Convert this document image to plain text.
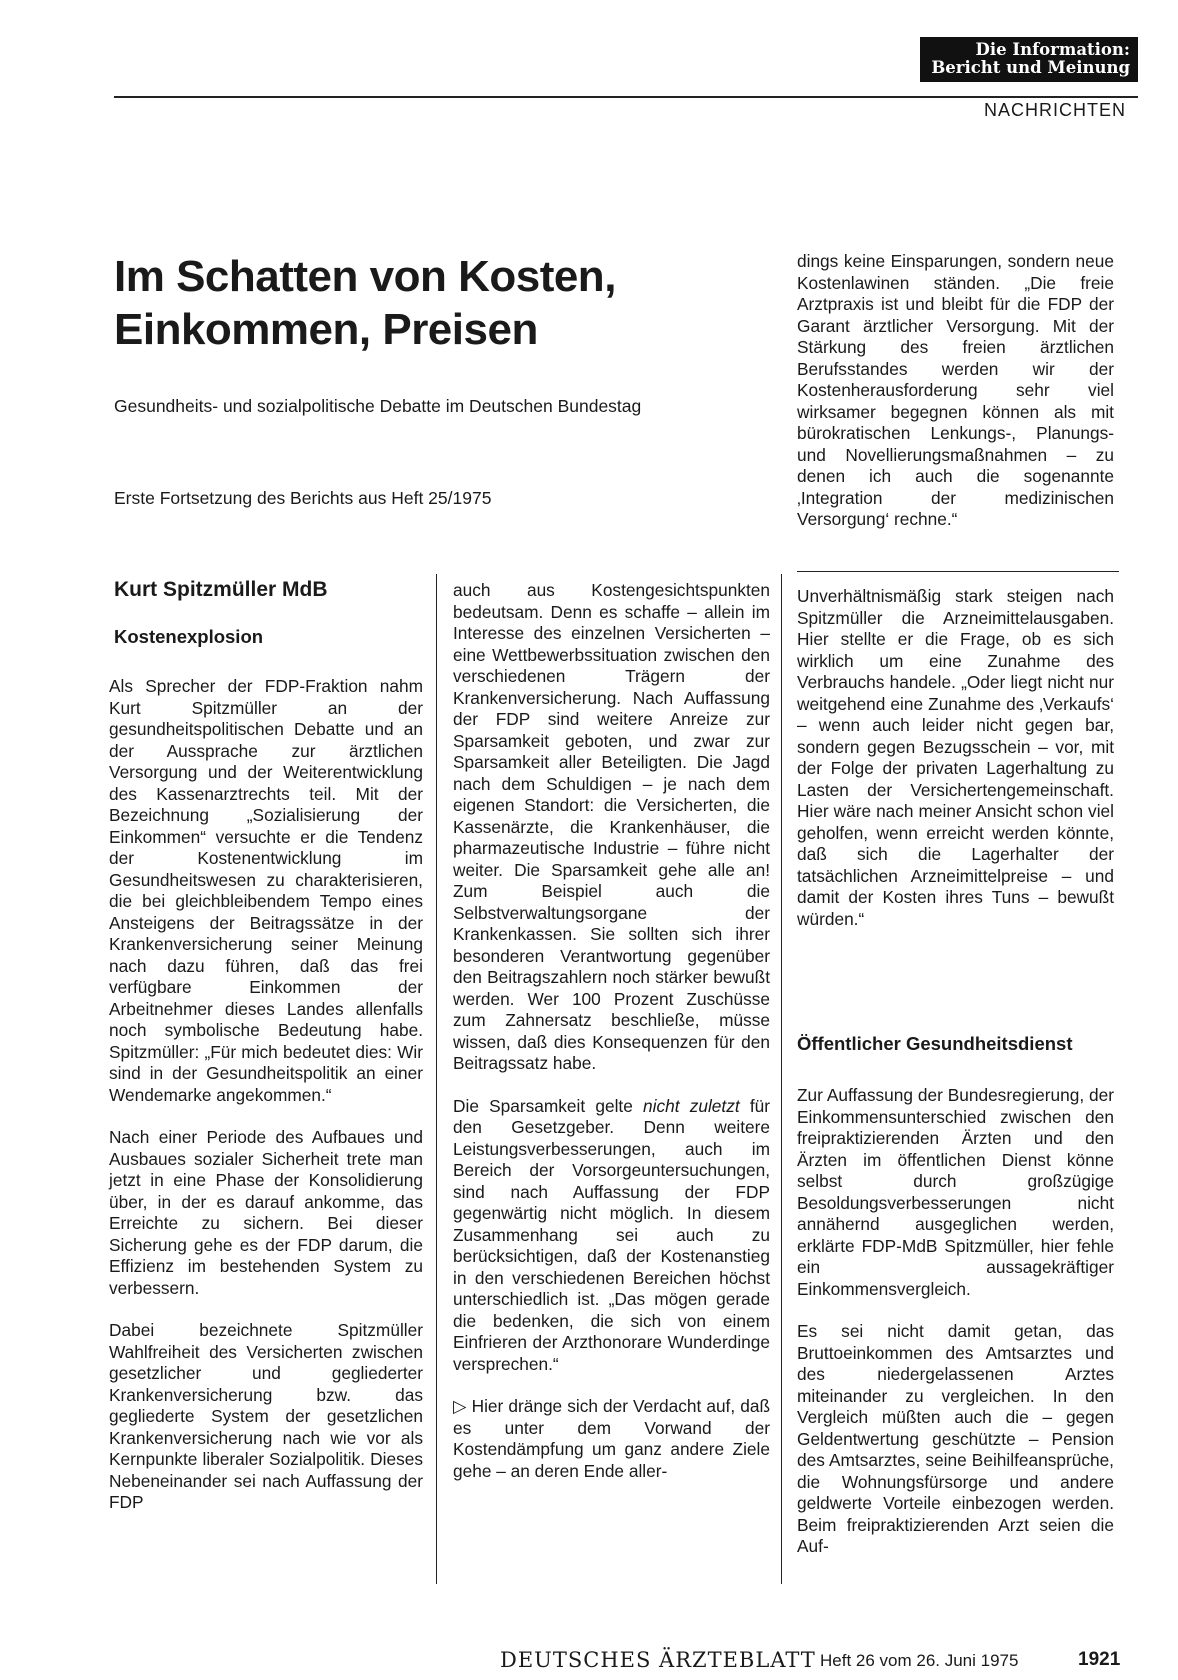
Die Information:
Bericht und Meinung
NACHRICHTEN
Im Schatten von Kosten,
Einkommen, Preisen
Gesundheits- und sozialpolitische Debatte im Deutschen Bundestag
Erste Fortsetzung des Berichts aus Heft 25/1975
Kurt Spitzmüller MdB
Kostenexplosion

Als Sprecher der FDP-Fraktion nahm Kurt Spitzmüller an der gesundheitspolitischen Debatte und an der Aussprache zur ärztlichen Versorgung und der Weiterentwicklung des Kassenarztrechts teil. Mit der Bezeichnung „Sozialisierung der Einkommen“ versuchte er die Tendenz der Kostenentwicklung im Gesundheitswesen zu charakterisieren, die bei gleichbleibendem Tempo eines Ansteigens der Beitragssätze in der Krankenversicherung seiner Meinung nach dazu führen, daß das frei verfügbare Einkommen der Arbeitnehmer dieses Landes allenfalls noch symbolische Bedeutung habe. Spitzmüller: „Für mich bedeutet dies: Wir sind in der Gesundheitspolitik an einer Wendemarke angekommen.“

Nach einer Periode des Aufbaues und Ausbaues sozialer Sicherheit trete man jetzt in eine Phase der Konsolidierung über, in der es darauf ankomme, das Erreichte zu sichern. Bei dieser Sicherung gehe es der FDP darum, die Effizienz im bestehenden System zu verbessern.

Dabei bezeichnete Spitzmüller Wahlfreiheit des Versicherten zwischen gesetzlicher und gegliederter Krankenversicherung bzw. das gegliederte System der gesetzlichen Krankenversicherung nach wie vor als Kernpunkte liberaler Sozialpolitik. Dieses Nebeneinander sei nach Auffassung der FDP

auch aus Kostengesichtspunkten bedeutsam. Denn es schaffe – allein im Interesse des einzelnen Versicherten – eine Wettbewerbssituation zwischen den verschiedenen Trägern der Krankenversicherung. Nach Auffassung der FDP sind weitere Anreize zur Sparsamkeit geboten, und zwar zur Sparsamkeit aller Beteiligten. Die Jagd nach dem Schuldigen – je nach dem eigenen Standort: die Versicherten, die Kassenärzte, die Krankenhäuser, die pharmazeutische Industrie – führe nicht weiter. Die Sparsamkeit gehe alle an! Zum Beispiel auch die Selbstverwaltungsorgane der Krankenkassen. Sie sollten sich ihrer besonderen Verantwortung gegenüber den Beitragszahlern noch stärker bewußt werden. Wer 100 Prozent Zuschüsse zum Zahnersatz beschließe, müsse wissen, daß dies Konsequenzen für den Beitragssatz habe.

Die Sparsamkeit gelte nicht zuletzt für den Gesetzgeber. Denn weitere Leistungsverbesserungen, auch im Bereich der Vorsorgeuntersuchungen, sind nach Auffassung der FDP gegenwärtig nicht möglich. In diesem Zusammenhang sei auch zu berücksichtigen, daß der Kostenanstieg in den verschiedenen Bereichen höchst unterschiedlich ist. „Das mögen gerade die bedenken, die sich von einem Einfrieren der Arzthonorare Wunderdinge versprechen.“

▷ Hier dränge sich der Verdacht auf, daß es unter dem Vorwand der Kostendämpfung um ganz andere Ziele gehe – an deren Ende aller-

dings keine Einsparungen, sondern neue Kostenlawinen ständen. „Die freie Arztpraxis ist und bleibt für die FDP der Garant ärztlicher Versorgung. Mit der Stärkung des freien ärztlichen Berufsstandes werden wir der Kostenherausforderung sehr viel wirksamer begegnen können als mit bürokratischen Lenkungs-, Planungs- und Novellierungsmaßnahmen – zu denen ich auch die sogenannte ‚Integration der medizinischen Versorgung‘ rechne.“

Unverhältnismäßig stark steigen nach Spitzmüller die Arzneimittelausgaben. Hier stellte er die Frage, ob es sich wirklich um eine Zunahme des Verbrauchs handele. „Oder liegt nicht nur weitgehend eine Zunahme des ‚Verkaufs‘ – wenn auch leider nicht gegen bar, sondern gegen Bezugsschein – vor, mit der Folge der privaten Lagerhaltung zu Lasten der Versichertengemeinschaft. Hier wäre nach meiner Ansicht schon viel geholfen, wenn erreicht werden könnte, daß sich die Lagerhalter der tatsächlichen Arzneimittelpreise – und damit der Kosten ihres Tuns – bewußt würden.“

Öffentlicher Gesundheitsdienst

Zur Auffassung der Bundesregierung, der Einkommensunterschied zwischen den freipraktizierenden Ärzten und den Ärzten im öffentlichen Dienst könne selbst durch großzügige Besoldungsverbesserungen nicht annähernd ausgeglichen werden, erklärte FDP-MdB Spitzmüller, hier fehle ein aussagekräftiger Einkommensvergleich.

Es sei nicht damit getan, das Bruttoeinkommen des Amtsarztes und des niedergelassenen Arztes miteinander zu vergleichen. In den Vergleich müßten auch die – gegen Geldentwertung geschützte – Pension des Amtsarztes, seine Beihilfeansprüche, die Wohnungsfürsorge und andere geldwerte Vorteile einbezogen werden. Beim freipraktizierenden Arzt seien die Auf-

DEUTSCHES ÄRZTEBLATT Heft 26 vom 26. Juni 1975	1921
